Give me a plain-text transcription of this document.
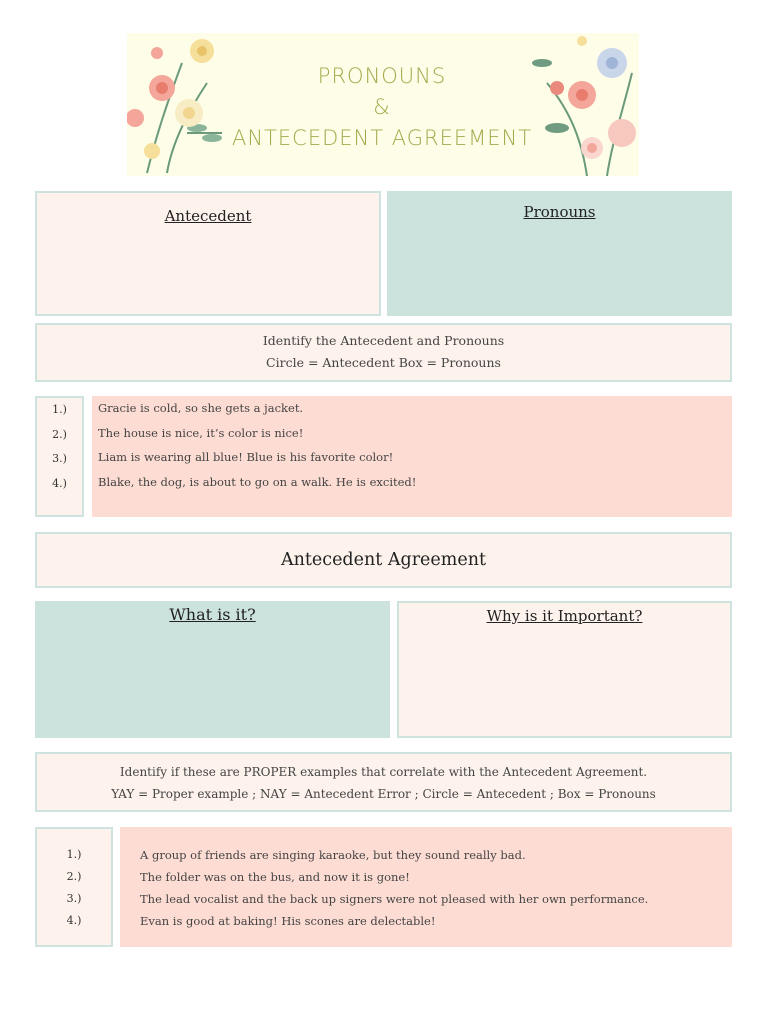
PRONOUNS
&
ANTECEDENT AGREEMENT
Antecedent	Pronouns
Identify the Antecedent and Pronouns
Circle = Antecedent Box = Pronouns
1.)
2.)
3.)
4.)
Gracie is cold, so she gets a jacket.
The house is nice, it’s color is nice!
Liam is wearing all blue! Blue is his favorite color!
Blake, the dog, is about to go on a walk. He is excited!
Antecedent Agreement
What is it?	Why is it Important?
Identify if these are PROPER examples that correlate with the Antecedent Agreement.
YAY = Proper example ; NAY = Antecedent Error ; Circle = Antecedent ; Box = Pronouns
1.)
2.)
3.)
4.)
A group of friends are singing karaoke, but they sound really bad.
The folder was on the bus, and now it is gone!
The lead vocalist and the back up signers were not pleased with her own performance.
Evan is good at baking! His scones are delectable!
